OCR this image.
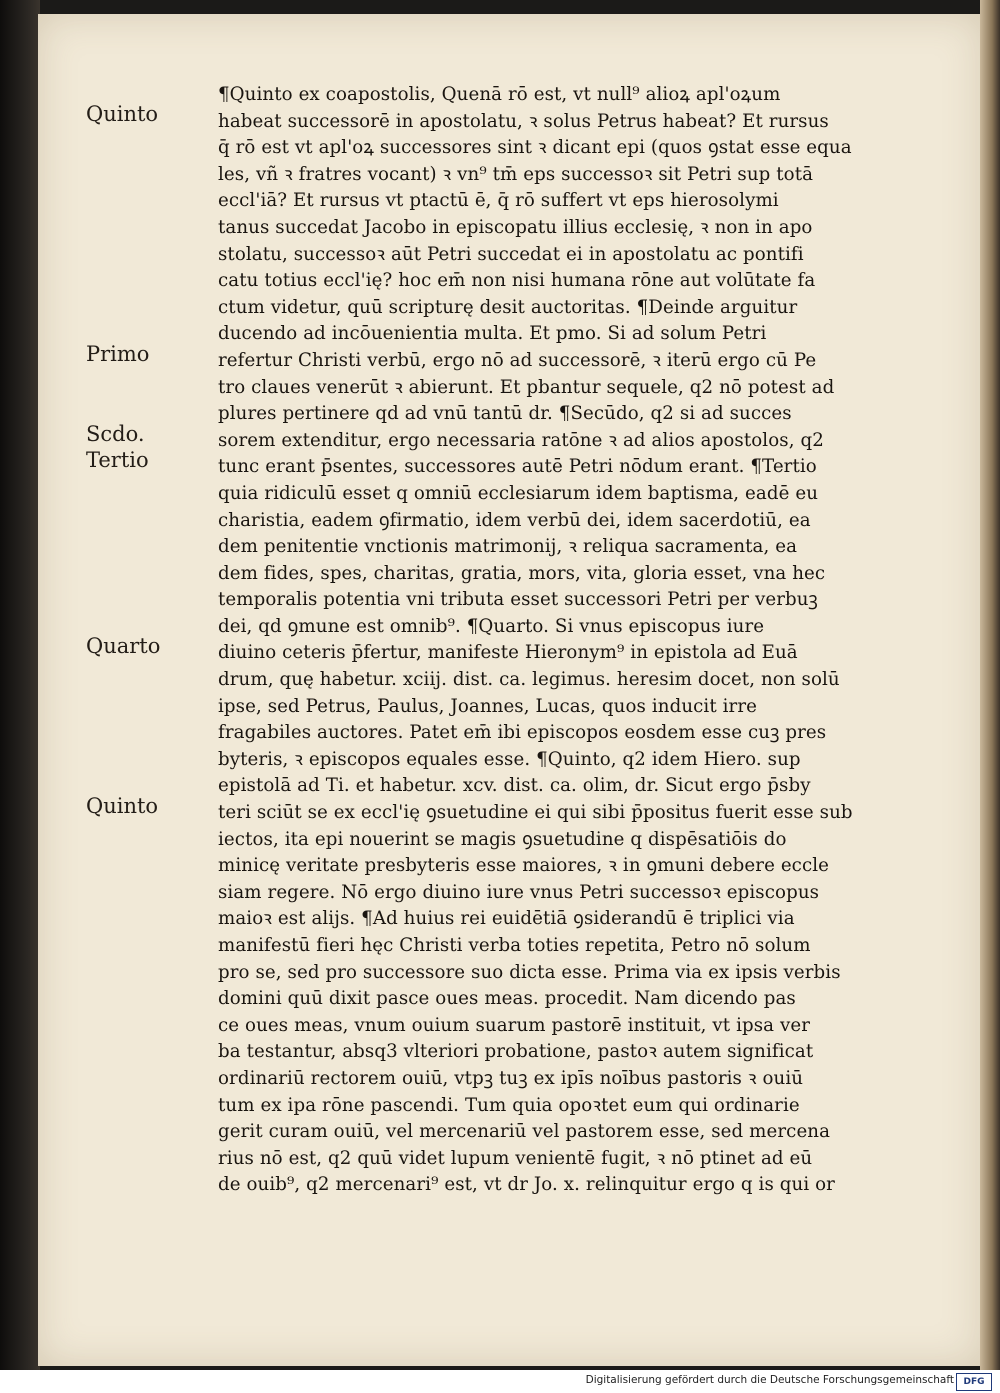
Quinto
Primo
Scdo.
Tertio
Quarto
Quinto
¶Quinto ex coapostolis, Quenā rō est, vt null⁹ alioꝝ apl'oꝝum
habeat successorē in apostolatu, ꝛ solus Petrus habeat? Et rursus
q̄ rō est vt apl'oꝝ successores sint ꝛ dicant epi (quos ꝯstat esse equa
les, vñ ꝛ fratres vocant) ꝛ vn⁹ tm̄ eps successoꝛ sit Petri sup totā
eccl'iā? Et rursus vt ptactū ē, q̄ rō suffert vt eps hierosolymi
tanus succedat Jacobo in episcopatu illius ecclesię, ꝛ non in apo
stolatu, successoꝛ aūt Petri succedat ei in apostolatu ac pontifi
catu totius eccl'ię? hoc em̄ non nisi humana rōne aut volūtate fa
ctum videtur, quū scripturę desit auctoritas. ¶Deinde arguitur
ducendo ad incōuenientia multa. Et pmo. Si ad solum Petri
refertur Christi verbū, ergo nō ad successorē, ꝛ iterū ergo cū Pe
tro claues venerūt ꝛ abierunt. Et pbantur sequele, q2 nō potest ad
plures pertinere qd ad vnū tantū dr. ¶Secūdo, q2 si ad succes
sorem extenditur, ergo necessaria ratōne ꝛ ad alios apostolos, q2
tunc erant p̄sentes, successores autē Petri nōdum erant. ¶Tertio
quia ridiculū esset q omniū ecclesiarum idem baptisma, eadē eu
charistia, eadem ꝯfirmatio, idem verbū dei, idem sacerdotiū, ea
dem penitentie vnctionis matrimonij, ꝛ reliqua sacramenta, ea
dem fides, spes, charitas, gratia, mors, vita, gloria esset, vna hec
temporalis potentia vni tributa esset successori Petri per verbuꝫ
dei, qd ꝯmune est omnib⁹. ¶Quarto. Si vnus episcopus iure
diuino ceteris p̄fertur, manifeste Hieronym⁹ in epistola ad Euā
drum, quę habetur. xciij. dist. ca. legimus. heresim docet, non solū
ipse, sed Petrus, Paulus, Joannes, Lucas, quos inducit irre
fragabiles auctores. Patet em̄ ibi episcopos eosdem esse cuꝫ pres
byteris, ꝛ episcopos equales esse. ¶Quinto, q2 idem Hiero. sup
epistolā ad Ti. et habetur. xcv. dist. ca. olim, dr. Sicut ergo p̄sby
teri sciūt se ex eccl'ię ꝯsuetudine ei qui sibi p̄positus fuerit esse sub
iectos, ita epi nouerint se magis ꝯsuetudine q dispēsatiōis do
minicę veritate presbyteris esse maiores, ꝛ in ꝯmuni debere eccle
siam regere. Nō ergo diuino iure vnus Petri successoꝛ episcopus
maioꝛ est alijs. ¶Ad huius rei euidētiā ꝯsiderandū ē triplici via
manifestū fieri hęc Christi verba toties repetita, Petro nō solum
pro se, sed pro successore suo dicta esse. Prima via ex ipsis verbis
domini quū dixit pasce oues meas. procedit. Nam dicendo pas
ce oues meas, vnum ouium suarum pastorē instituit, vt ipsa ver
ba testantur, absq3 vlteriori probatione, pastoꝛ autem significat
ordinariū rectorem ouiū, vtpꝫ tuꝫ ex ipīs noībus pastoris ꝛ ouiū
tum ex ipa rōne pascendi. Tum quia opoꝛtet eum qui ordinarie
gerit curam ouiū, vel mercenariū vel pastorem esse, sed mercena
rius nō est, q2 quū videt lupum venientē fugit, ꝛ nō ptinet ad eū
de ouib⁹, q2 mercenari⁹ est, vt dr Jo. x. relinquitur ergo q is qui or
Digitalisierung gefördert durch die Deutsche Forschungsgemeinschaft	DFG
